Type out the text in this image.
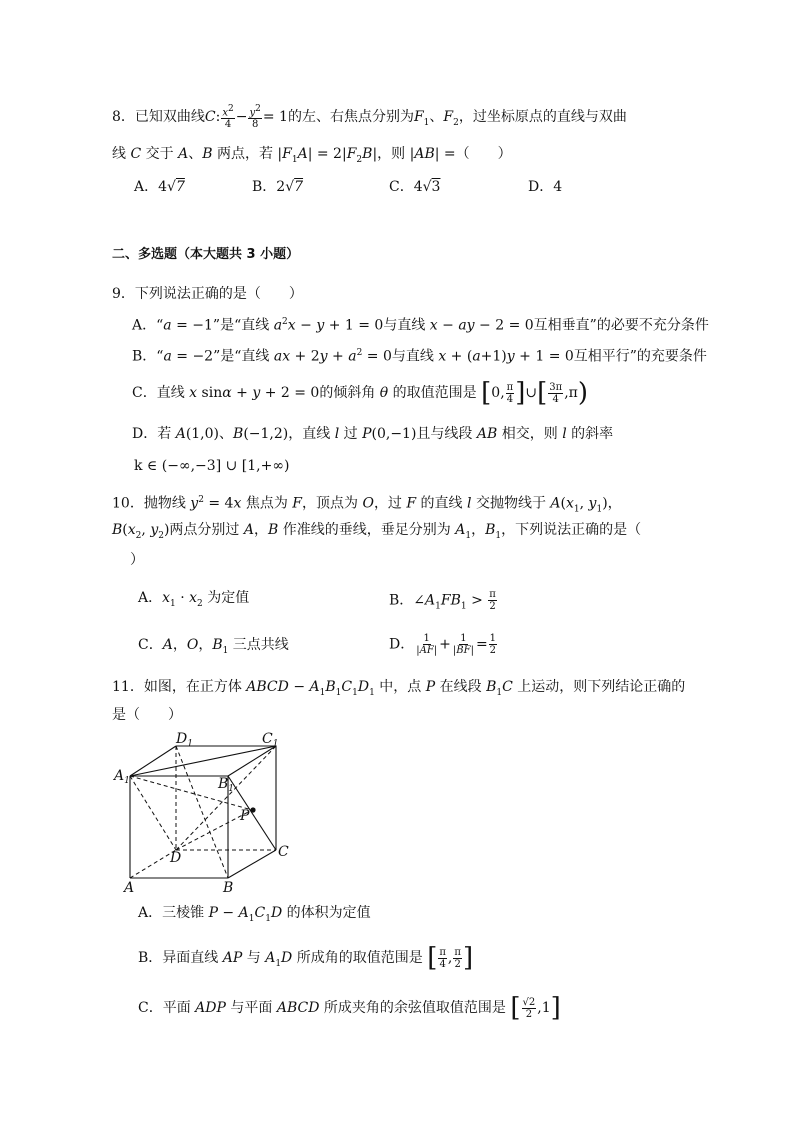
8．已知双曲线C: $\frac{x^2}{4} - \frac{y^2}{8} = 1$的左、右焦点分别为$F_1$、$F_2$，过坐标原点的直线与双曲
线 C 交于 A、B 两点，若 $|F_1A| = 2|F_2B|$，则 |AB| =（　　）
A．4√7	B．2√7	C．4√3	D．4
二、多选题（本大题共 3 小题）
9．下列说法正确的是（　　）
A．“a = −1”是“直线 $a^2x - y + 1 = 0$与直线 x − ay − 2 = 0互相垂直”的必要不充分条件
B．“a = −2”是“直线 ax + $2y + a^2 = 0$与直线 x + (a+1)y + 1 = 0互相平行”的充要条件
C．直线 x sinα + y + 2 = 0的倾斜角 θ 的取值范围是 [0, $\frac{\pi}{4}$ ]∪[ $\frac{3\pi}{4} ,\pi$)
D．若 A(1,0)、B(−1,2)，直线 l 过 P(0,−1)且与线段 AB 相交，则 l 的斜率
k ∈ (−∞,−3] ∪ [1,+∞)
10．抛物线 $y^2 = 4x$ 焦点为 F，顶点为 O，过 F 的直线 l 交抛物线于 $A(x_1$, $y_1$)，
$B(x_2$, $y_2$)两点分别过 A，B 作准线的垂线，垂足分别为 $A_1$，$B_1$，下列说法正确的是（
）
A．$x_1 \cdot x_2$ 为定值	B．$\angle A_1FB_1 > \frac{\pi}{2}$
C．A，O，$B_1$ 三点共线	D． $\frac{1}{|AF|} + \frac{1}{|BF|} = \frac{1}{2}$
11．如图，在正方体 ABCD − $A_1B_1C_1D_1$ 中，点 P 在线段 $B_1C$ 上运动，则下列结论正确的
是（　　）
$A_1$
$D_1$	$C_1$
$B_1$
P
D	C
A	B
A．三棱锥 $P - A_1C_1D$ 的体积为定值
B．异面直线 AP 与 $A_1D$ 所成角的取值范围是 [ $\frac{\pi}{4}$ , $\frac{\pi}{2}$ ]
C．平面 ADP 与平面 ABCD 所成夹角的余弦值取值范围是 [ $\frac{√2}{2} ,1$]
